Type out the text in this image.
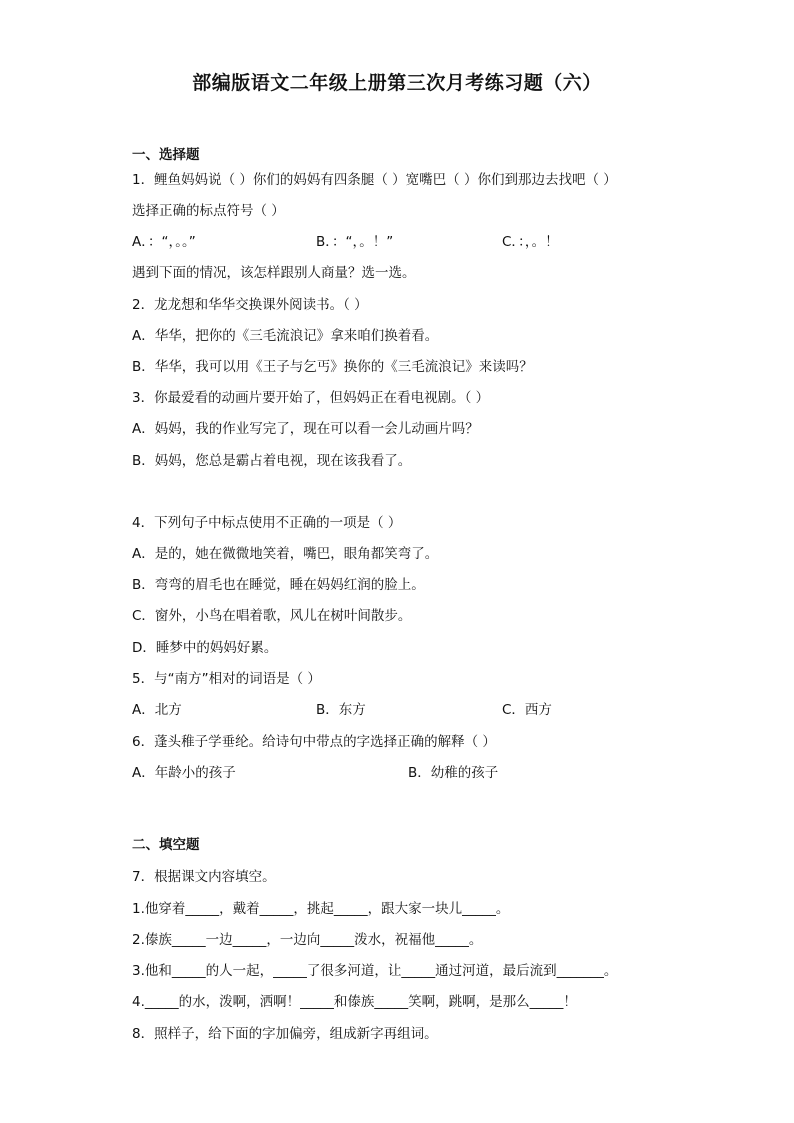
部编版语文二年级上册第三次月考练习题（六）
一、选择题
1．鲤鱼妈妈说（ ）你们的妈妈有四条腿（ ）宽嘴巴（ ）你们到那边去找吧（ ）
选择正确的标点符号（ ）
A．：“，。。”	B．：“，。！”	C．：，。！
遇到下面的情况，该怎样跟别人商量？选一选。
2．龙龙想和华华交换课外阅读书。（ ）
A．华华，把你的《三毛流浪记》拿来咱们换着看。
B．华华，我可以用《王子与乞丐》换你的《三毛流浪记》来读吗？
3．你最爱看的动画片要开始了，但妈妈正在看电视剧。（ ）
A．妈妈，我的作业写完了，现在可以看一会儿动画片吗？
B．妈妈，您总是霸占着电视，现在该我看了。
4．下列句子中标点使用不正确的一项是（ ）
A．是的，她在微微地笑着，嘴巴，眼角都笑弯了。
B．弯弯的眉毛也在睡觉，睡在妈妈红润的脸上。
C．窗外，小鸟在唱着歌，风儿在树叶间散步。
D．睡梦中的妈妈好累。
5．与“南方”相对的词语是（ ）
A．北方	B．东方	C．西方
6．蓬头稚子学垂纶。给诗句中带点的字选择正确的解释（ ）
A．年龄小的孩子	B．幼稚的孩子
二、填空题
7．根据课文内容填空。
1.他穿着_____，戴着_____，挑起_____，跟大家一块儿_____。
2.傣族_____一边_____，一边向_____泼水，祝福他_____。
3.他和_____的人一起，_____了很多河道，让_____通过河道，最后流到_______。
4._____的水，泼啊，洒啊！_____和傣族_____笑啊，跳啊，是那么_____！
8．照样子，给下面的字加偏旁，组成新字再组词。
